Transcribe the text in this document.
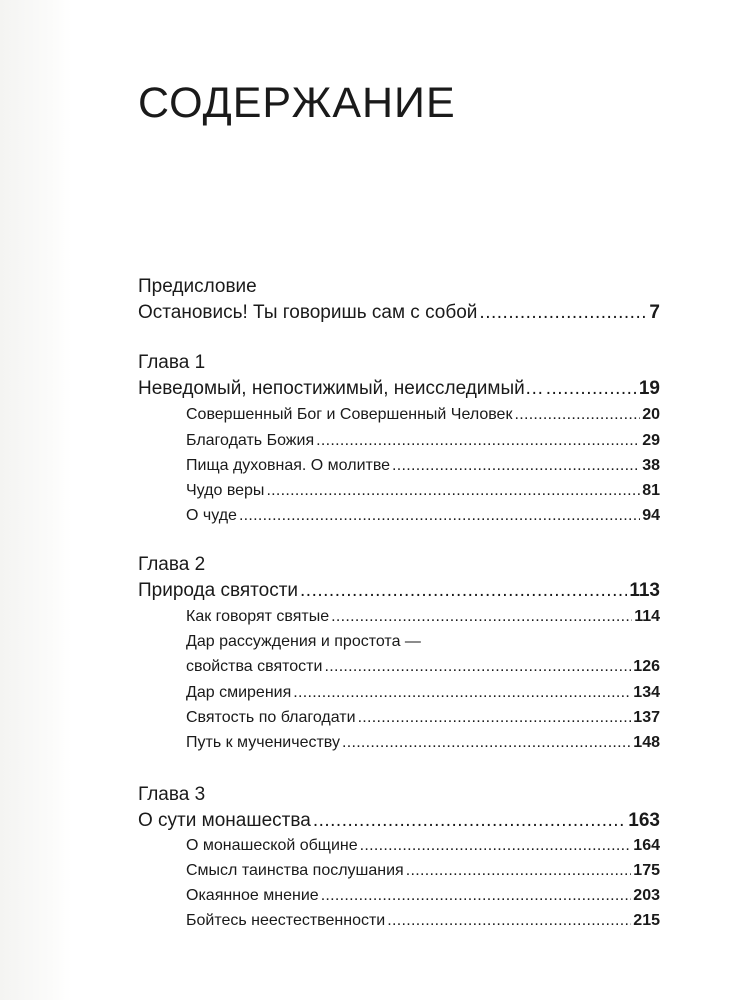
СОДЕРЖАНИЕ
Предисловие
Остановись! Ты говоришь сам с собой .....	7
Глава 1
Неведомый, непостижимый, неисследимый… .....	19
Совершенный Бог и Совершенный Человек .....	20
Благодать Божия .....	29
Пища духовная. О молитве .....	38
Чудо веры .....	81
О чуде .....	94
Глава 2
Природа святости .....	113
Как говорят святые .....	114
Дар рассуждения и простота —
свойства святости .....	126
Дар смирения .....	134
Святость по благодати .....	137
Путь к мученичеству .....	148
Глава 3
О сути монашества .....	163
О монашеской общине .....	164
Смысл таинства послушания .....	175
Окаянное мнение .....	203
Бойтесь неестественности .....	215
